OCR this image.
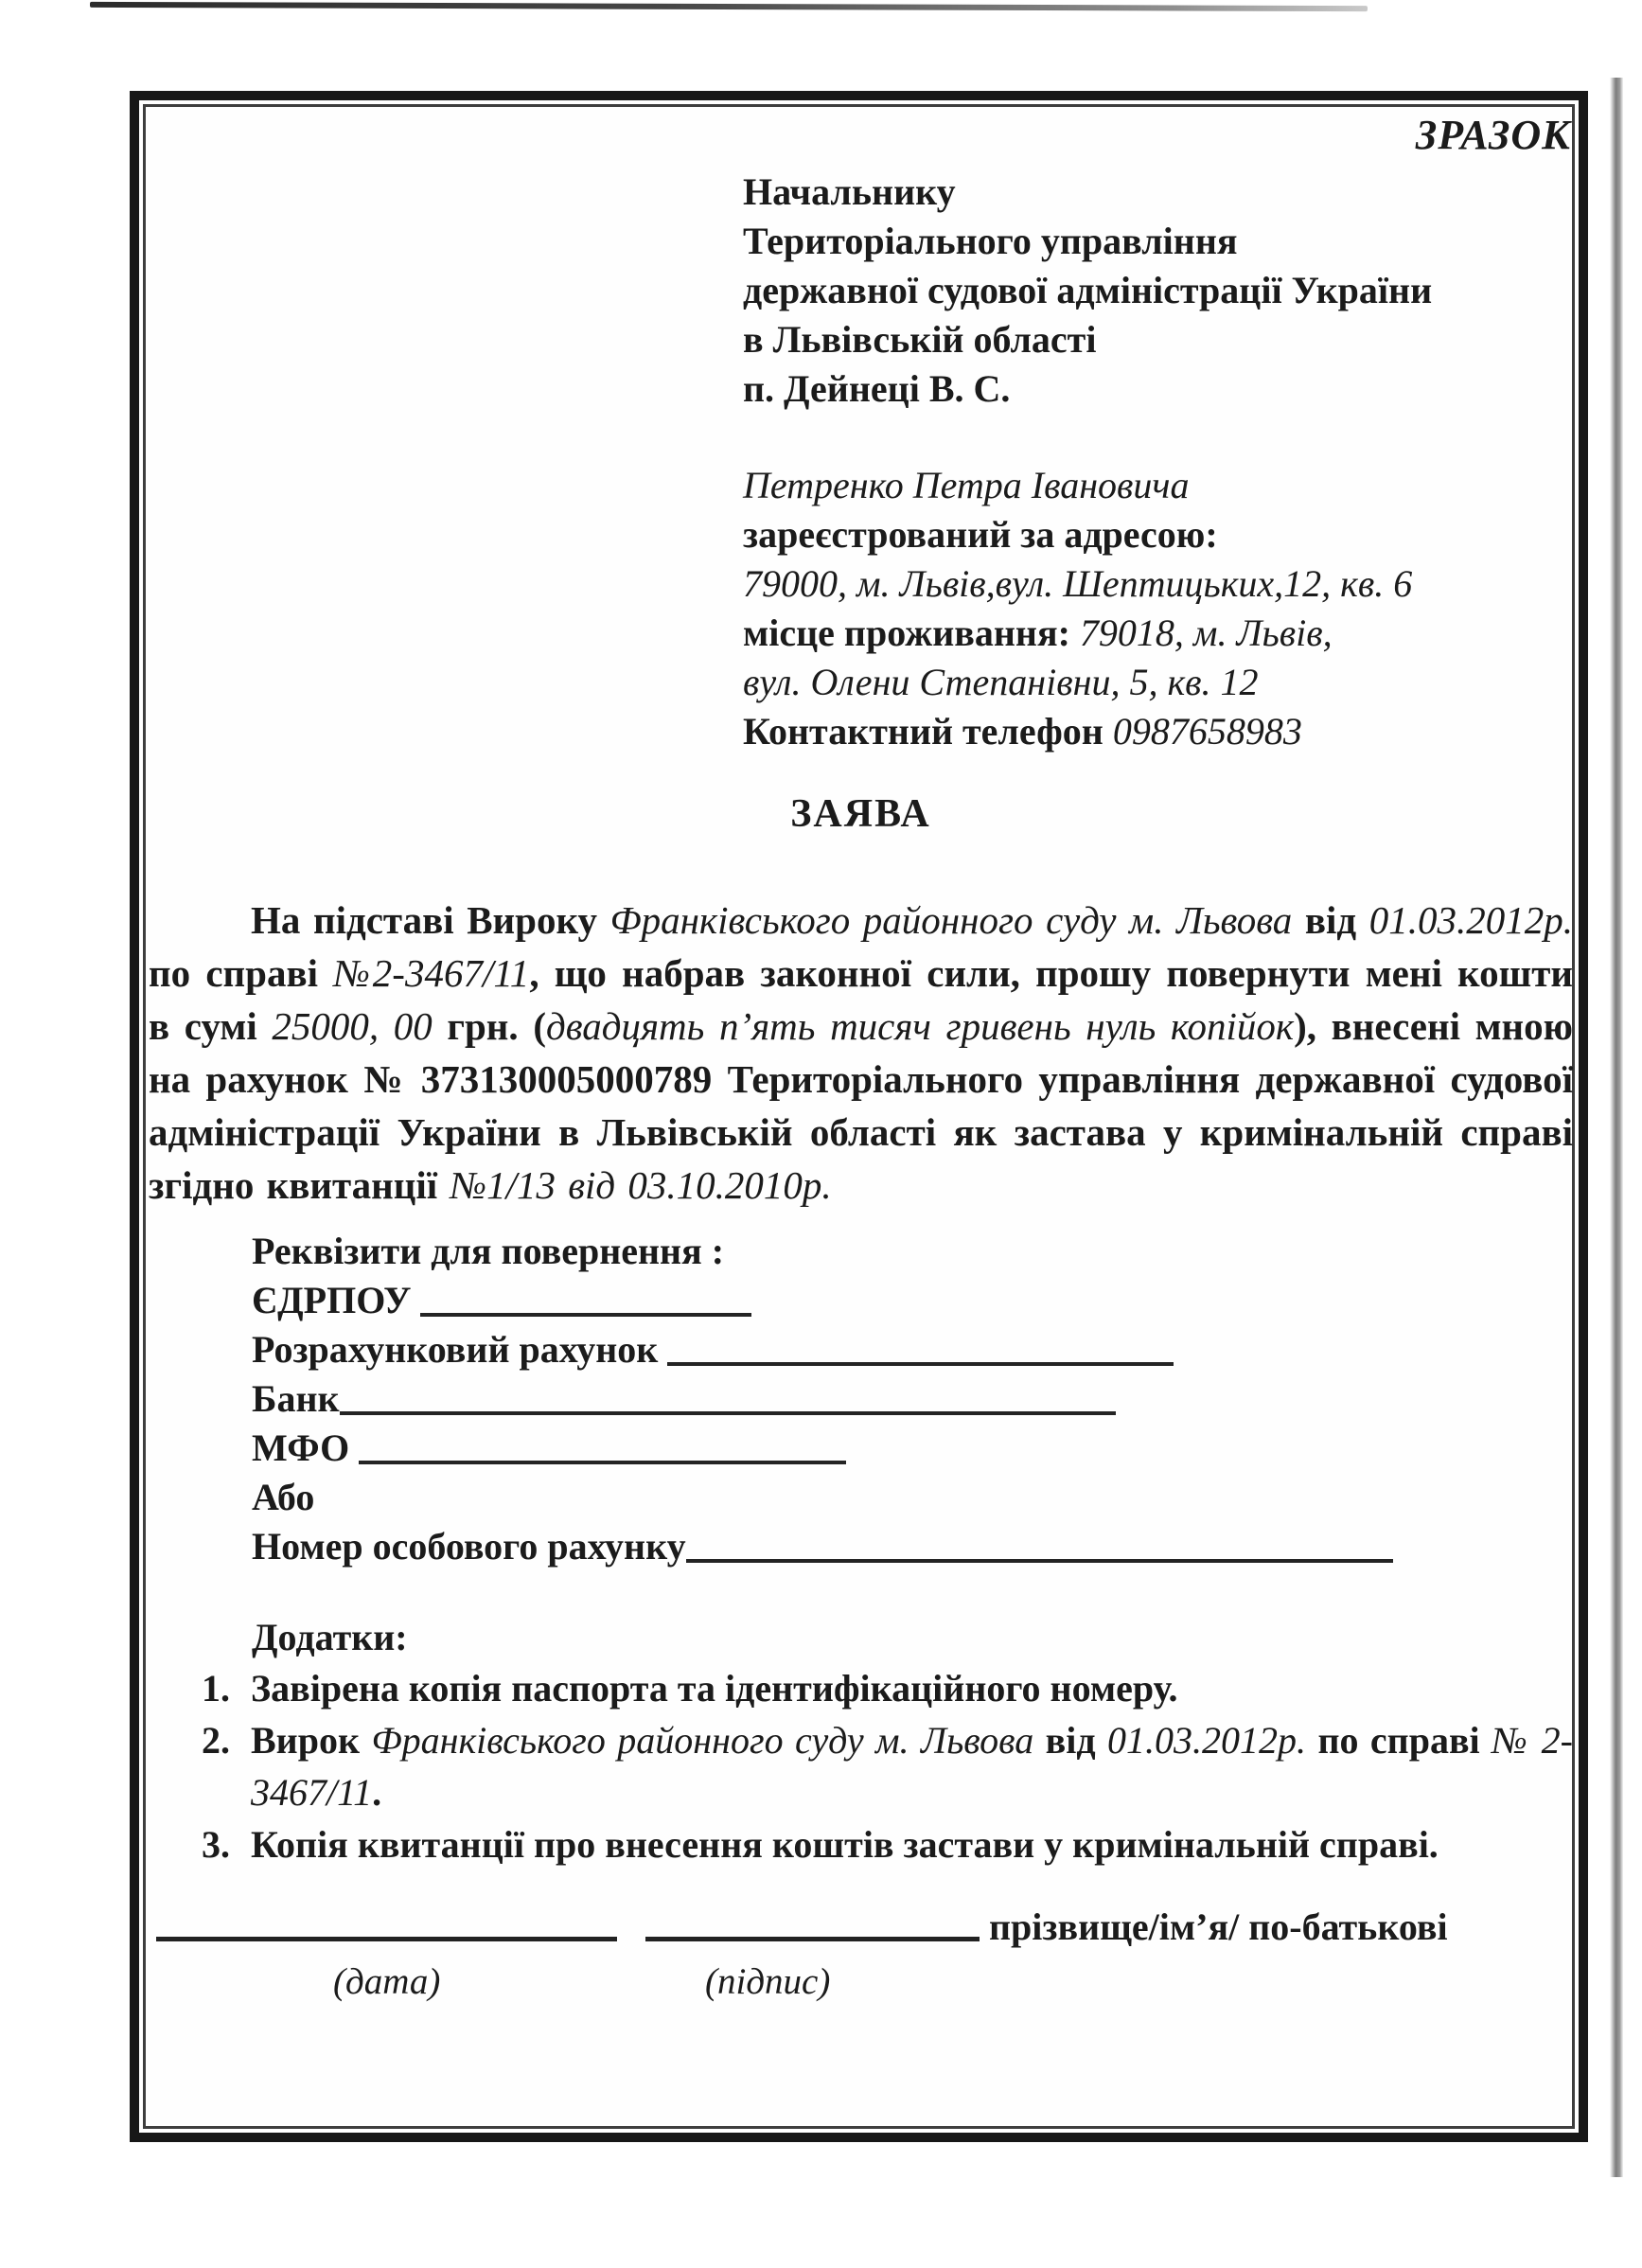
ЗРАЗОК
Начальнику
Територіального управління
державної судової адміністрації України
в Львівській області
п. Дейнеці В. С.
Петренко Петра Івановича
зареєстрований за адресою:
79000, м. Львів,вул. Шептицьких,12, кв. 6
місце проживання: 79018, м. Львів,
вул. Олени Степанівни, 5, кв. 12
Контактний телефон 0987658983
ЗАЯВА

На підставі Вироку Франківського районного суду м. Львова від 01.03.2012р. по справі №2-3467/11, що набрав законної сили, прошу повернути мені кошти в сумі 25000, 00 грн. (двадцять п’ять тисяч гривень нуль копійок), внесені мною на рахунок № 373130005000789 Територіального управління державної судової адміністрації України в Львівській області як застава у кримінальній справі згідно квитанції №1/13 від 03.10.2010р.

Реквізити для повернення :
ЄДРПОУ
Розрахунковий рахунок
Банк
МФО
Або
Номер особового рахунку
Додатки:
1. Завірена копія паспорта та ідентифікаційного номеру.
2. Вирок Франківського районного суду м. Львова від 01.03.2012р. по справі № 2-3467/11.
3. Копія квитанції про внесення коштів застави у кримінальній справі.
прізвище/ім’я/ по-батькові
(дата)	(підпис)
